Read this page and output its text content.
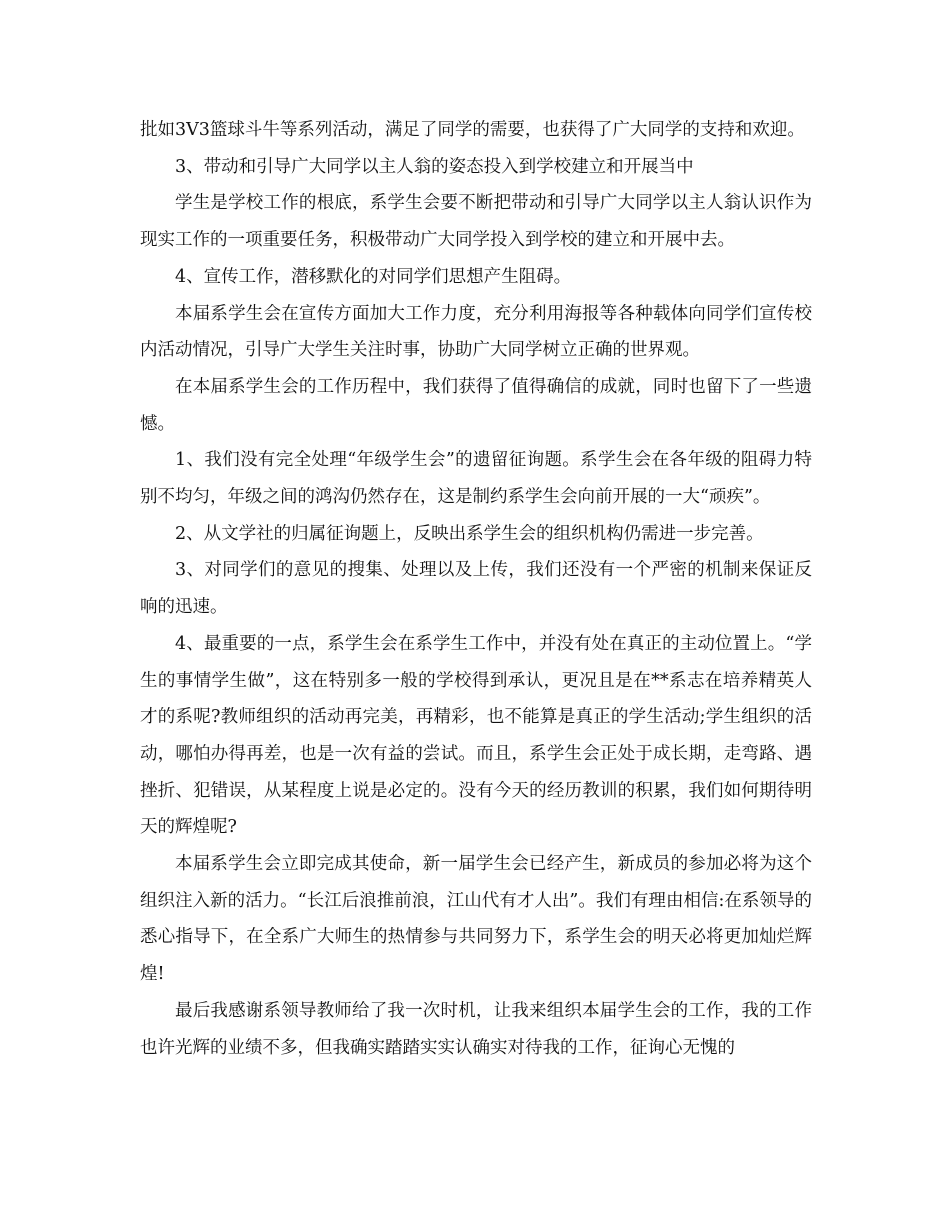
批如3V3篮球斗牛等系列活动，满足了同学的需要，也获得了广大同学的支持和欢迎。

3、带动和引导广大同学以主人翁的姿态投入到学校建立和开展当中

学生是学校工作的根底，系学生会要不断把带动和引导广大同学以主人翁认识作为现实工作的一项重要任务，积极带动广大同学投入到学校的建立和开展中去。

4、宣传工作，潜移默化的对同学们思想产生阻碍。

本届系学生会在宣传方面加大工作力度，充分利用海报等各种载体向同学们宣传校内活动情况，引导广大学生关注时事，协助广大同学树立正确的世界观。

在本届系学生会的工作历程中，我们获得了值得确信的成就，同时也留下了一些遗憾。

1、我们没有完全处理“年级学生会”的遗留征询题。系学生会在各年级的阻碍力特别不均匀，年级之间的鸿沟仍然存在，这是制约系学生会向前开展的一大“顽疾”。

2、从文学社的归属征询题上，反映出系学生会的组织机构仍需进一步完善。

3、对同学们的意见的搜集、处理以及上传，我们还没有一个严密的机制来保证反响的迅速。

4、最重要的一点，系学生会在系学生工作中，并没有处在真正的主动位置上。“学生的事情学生做”，这在特别多一般的学校得到承认，更况且是在**系志在培养精英人才的系呢?教师组织的活动再完美，再精彩，也不能算是真正的学生活动;学生组织的活动，哪怕办得再差，也是一次有益的尝试。而且，系学生会正处于成长期，走弯路、遇挫折、犯错误，从某程度上说是必定的。没有今天的经历教训的积累，我们如何期待明天的辉煌呢?

本届系学生会立即完成其使命，新一届学生会已经产生，新成员的参加必将为这个组织注入新的活力。“长江后浪推前浪，江山代有才人出”。我们有理由相信:在系领导的悉心指导下，在全系广大师生的热情参与共同努力下，系学生会的明天必将更加灿烂辉煌!

最后我感谢系领导教师给了我一次时机，让我来组织本届学生会的工作，我的工作也许光辉的业绩不多，但我确实踏踏实实认确实对待我的工作，征询心无愧的
